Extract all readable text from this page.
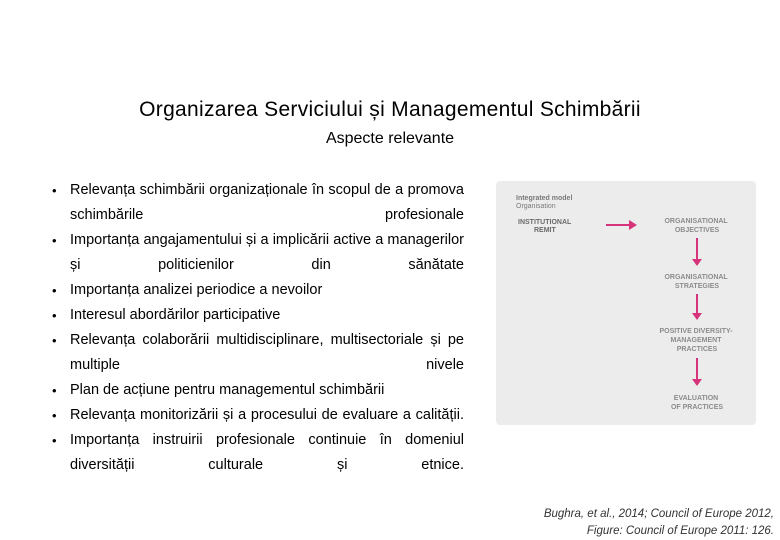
Organizarea Serviciului și Managementul Schimbării
Aspecte relevante
• Relevanța schimbării organizaționale în scopul de a promova schimbările profesionale
• Importanța angajamentului și a implicării active a managerilor și politicienilor din sănătate
• Importanța analizei periodice a nevoilor
• Interesul abordărilor participative
• Relevanța colaborării multidisciplinare, multisectoriale și pe multiple nivele
• Plan de acțiune pentru managementul schimbării
• Relevanța monitorizării și a procesului de evaluare a calității.
• Importanța instruirii profesionale continuie în domeniul diversității culturale și etnice.
Integrated model Organisation
INSTITUTIONAL REMIT
ORGANISATIONAL OBJECTIVES
ORGANISATIONAL STRATEGIES
POSITIVE DIVERSITY- MANAGEMENT PRACTICES
EVALUATION OF PRACTICES
Bughra, et al., 2014; Council of Europe 2012,
Figure: Council of Europe 2011: 126.
